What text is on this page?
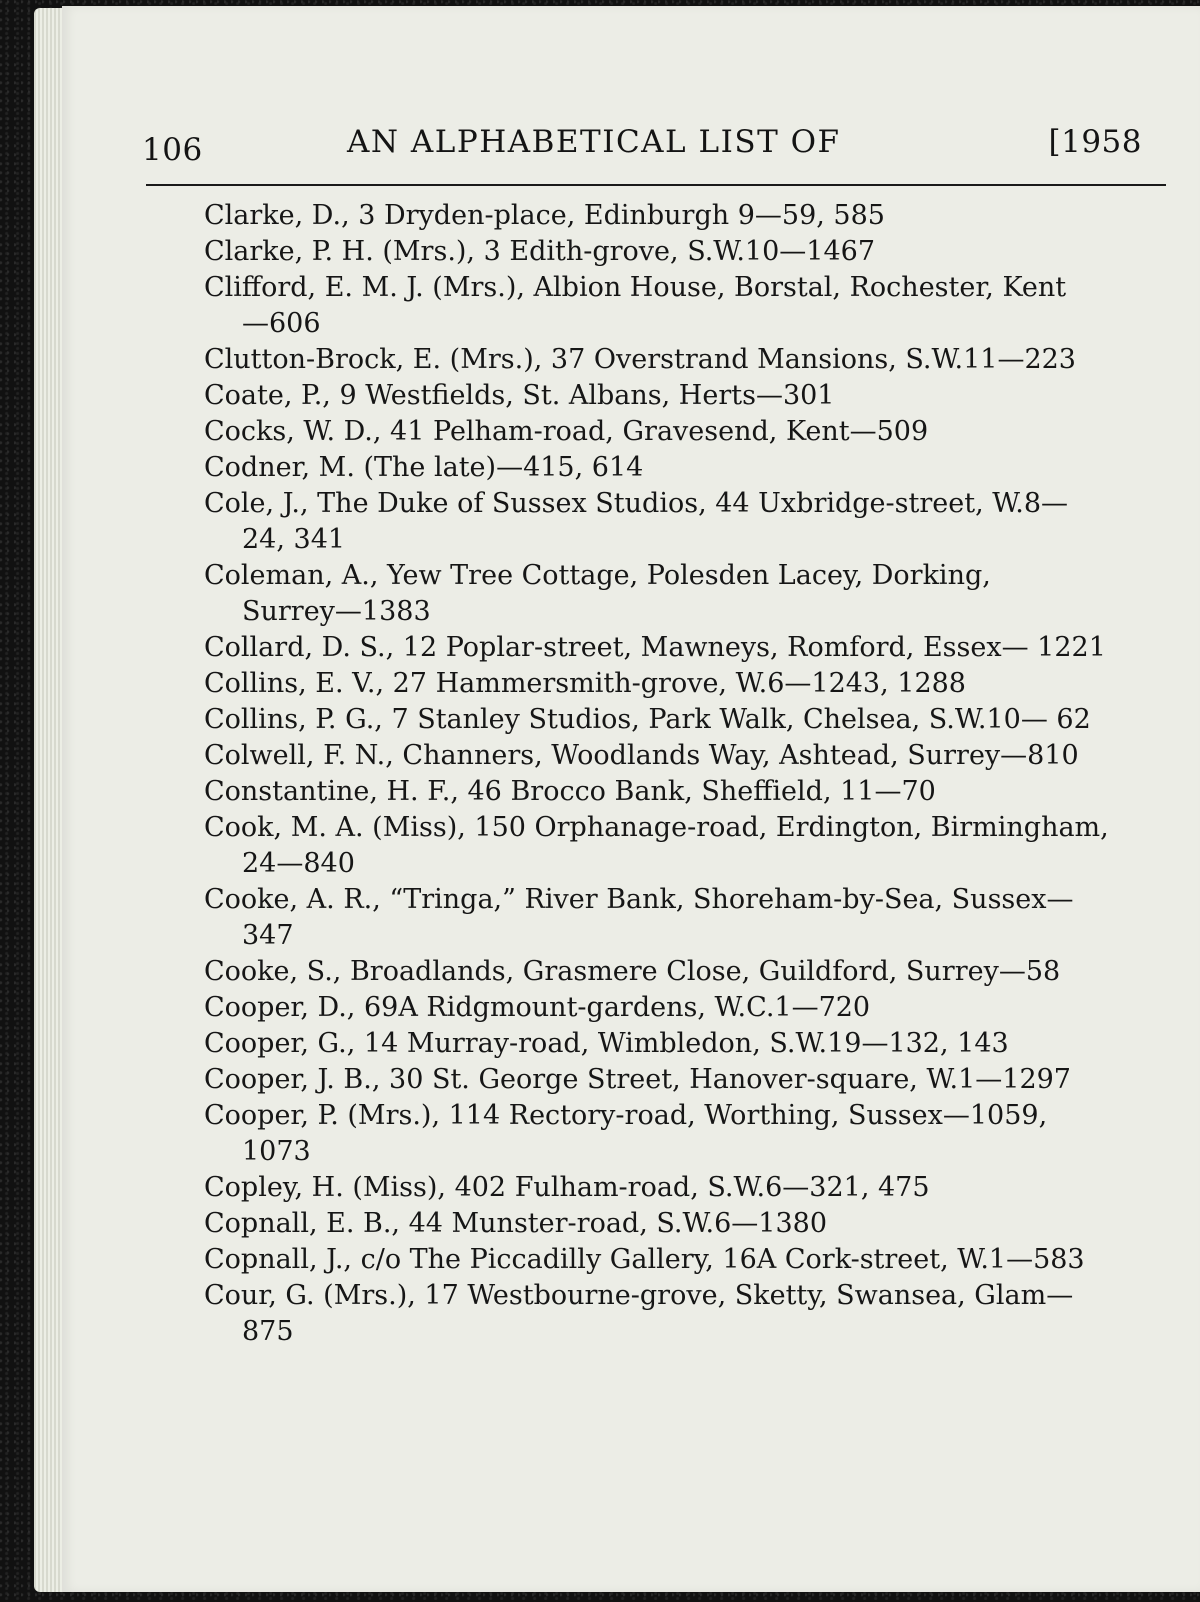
106	AN ALPHABETICAL LIST OF	[1958
Clarke, D., 3 Dryden-place, Edinburgh 9—59, 585
Clarke, P. H. (Mrs.), 3 Edith-grove, S.W.10—1467
Clifford, E. M. J. (Mrs.), Albion House, Borstal, Rochester, Kent
—606
Clutton-Brock, E. (Mrs.), 37 Overstrand Mansions, S.W.11—223
Coate, P., 9 Westfields, St. Albans, Herts—301
Cocks, W. D., 41 Pelham-road, Gravesend, Kent—509
Codner, M. (The late)—415, 614
Cole, J., The Duke of Sussex Studios, 44 Uxbridge-street, W.8—
24, 341
Coleman, A., Yew Tree Cottage, Polesden Lacey, Dorking,
Surrey—1383
Collard, D. S., 12 Poplar-street, Mawneys, Romford, Essex— 1221
Collins, E. V., 27 Hammersmith-grove, W.6—1243, 1288
Collins, P. G., 7 Stanley Studios, Park Walk, Chelsea, S.W.10— 62
Colwell, F. N., Channers, Woodlands Way, Ashtead, Surrey—810
Constantine, H. F., 46 Brocco Bank, Sheffield, 11—70
Cook, M. A. (Miss), 150 Orphanage-road, Erdington, Birmingham,
24—840
Cooke, A. R., “Tringa,” River Bank, Shoreham-by-Sea, Sussex—
347
Cooke, S., Broadlands, Grasmere Close, Guildford, Surrey—58
Cooper, D., 69A Ridgmount-gardens, W.C.1—720
Cooper, G., 14 Murray-road, Wimbledon, S.W.19—132, 143
Cooper, J. B., 30 St. George Street, Hanover-square, W.1—1297
Cooper, P. (Mrs.), 114 Rectory-road, Worthing, Sussex—1059,
1073
Copley, H. (Miss), 402 Fulham-road, S.W.6—321, 475
Copnall, E. B., 44 Munster-road, S.W.6—1380
Copnall, J., c/o The Piccadilly Gallery, 16A Cork-street, W.1—583
Cour, G. (Mrs.), 17 Westbourne-grove, Sketty, Swansea, Glam—
875
